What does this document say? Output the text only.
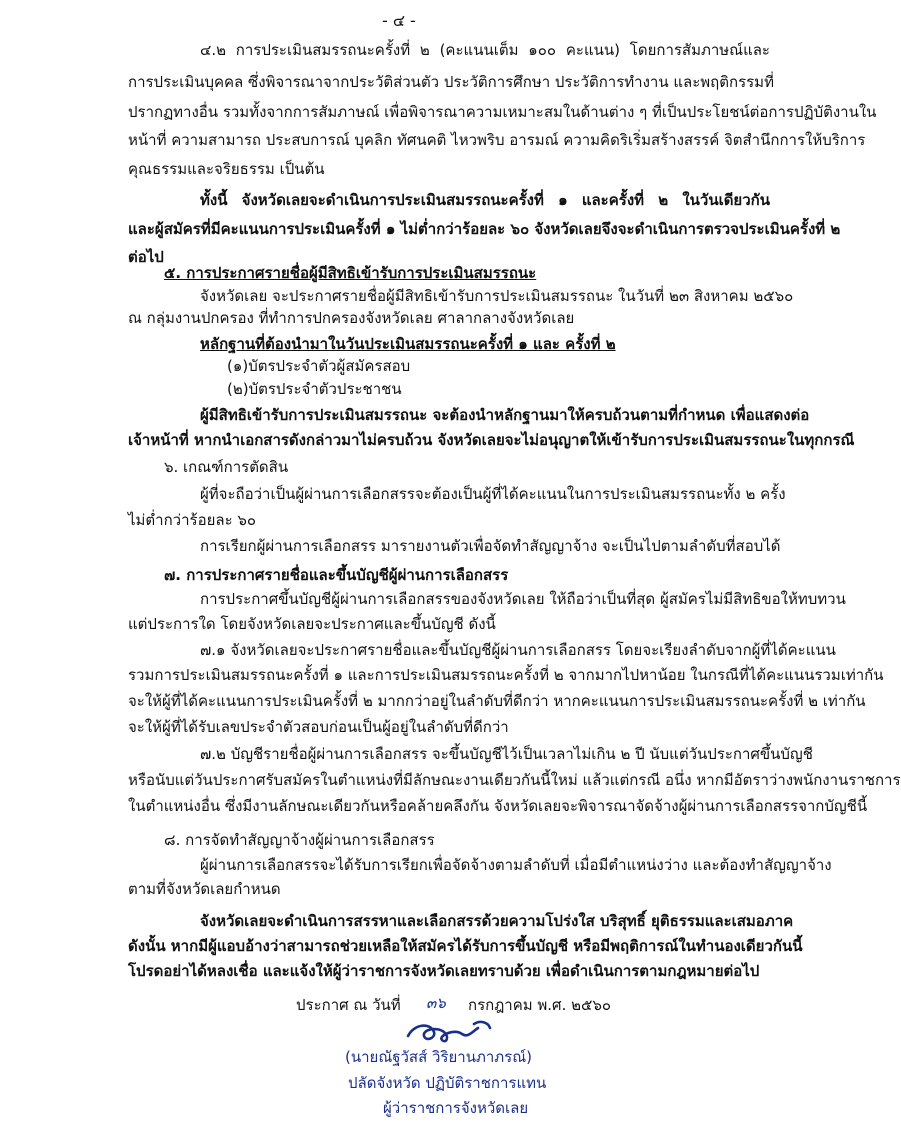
- ๔ -
๔.๒ การประเมินสมรรถนะครั้งที่ ๒ (คะแนนเต็ม ๑๐๐ คะแนน) โดยการสัมภาษณ์และ
การประเมินบุคคล ซึ่งพิจารณาจากประวัติส่วนตัว ประวัติการศึกษา ประวัติการทำงาน และพฤติกรรมที่
ปรากฏทางอื่น รวมทั้งจากการสัมภาษณ์ เพื่อพิจารณาความเหมาะสมในด้านต่าง ๆ ที่เป็นประโยชน์ต่อการปฏิบัติงานใน
หน้าที่ ความสามารถ ประสบการณ์ บุคลิก ทัศนคติ ไหวพริบ อารมณ์ ความคิดริเริ่มสร้างสรรค์ จิตสำนึกการให้บริการ
คุณธรรมและจริยธรรม เป็นต้น
ทั้งนี้ จังหวัดเลยจะดำเนินการประเมินสมรรถนะครั้งที่ ๑ และครั้งที่ ๒ ในวันเดียวกัน
และผู้สมัครที่มีคะแนนการประเมินครั้งที่ ๑ ไม่ต่ำกว่าร้อยละ ๖๐ จังหวัดเลยจึงจะดำเนินการตรวจประเมินครั้งที่ ๒
ต่อไป
๕. การประกาศรายชื่อผู้มีสิทธิเข้ารับการประเมินสมรรถนะ
จังหวัดเลย จะประกาศรายชื่อผู้มีสิทธิเข้ารับการประเมินสมรรถนะ ในวันที่ ๒๓ สิงหาคม ๒๕๖๐
ณ กลุ่มงานปกครอง ที่ทำการปกครองจังหวัดเลย ศาลากลางจังหวัดเลย
หลักฐานที่ต้องนำมาในวันประเมินสมรรถนะครั้งที่ ๑ และ ครั้งที่ ๒
(๑)บัตรประจำตัวผู้สมัครสอบ
(๒)บัตรประจำตัวประชาชน
ผู้มีสิทธิเข้ารับการประเมินสมรรถนะ จะต้องนำหลักฐานมาให้ครบถ้วนตามที่กำหนด เพื่อแสดงต่อ
เจ้าหน้าที่ หากนำเอกสารดังกล่าวมาไม่ครบถ้วน จังหวัดเลยจะไม่อนุญาตให้เข้ารับการประเมินสมรรถนะในทุกกรณี
๖. เกณฑ์การตัดสิน
ผู้ที่จะถือว่าเป็นผู้ผ่านการเลือกสรรจะต้องเป็นผู้ที่ได้คะแนนในการประเมินสมรรถนะทั้ง ๒ ครั้ง
ไม่ต่ำกว่าร้อยละ ๖๐
การเรียกผู้ผ่านการเลือกสรร มารายงานตัวเพื่อจัดทำสัญญาจ้าง จะเป็นไปตามลำดับที่สอบได้
๗. การประกาศรายชื่อและขึ้นบัญชีผู้ผ่านการเลือกสรร
การประกาศขึ้นบัญชีผู้ผ่านการเลือกสรรของจังหวัดเลย ให้ถือว่าเป็นที่สุด ผู้สมัครไม่มีสิทธิขอให้ทบทวน
แต่ประการใด โดยจังหวัดเลยจะประกาศและขึ้นบัญชี ดังนี้
๗.๑ จังหวัดเลยจะประกาศรายชื่อและขึ้นบัญชีผู้ผ่านการเลือกสรร โดยจะเรียงลำดับจากผู้ที่ได้คะแนน
รวมการประเมินสมรรถนะครั้งที่ ๑ และการประเมินสมรรถนะครั้งที่ ๒ จากมากไปหาน้อย ในกรณีที่ได้คะแนนรวมเท่ากัน
จะให้ผู้ที่ได้คะแนนการประเมินครั้งที่ ๒ มากกว่าอยู่ในลำดับที่ดีกว่า หากคะแนนการประเมินสมรรถนะครั้งที่ ๒ เท่ากัน
จะให้ผู้ที่ได้รับเลขประจำตัวสอบก่อนเป็นผู้อยู่ในลำดับที่ดีกว่า
๗.๒ บัญชีรายชื่อผู้ผ่านการเลือกสรร จะขึ้นบัญชีไว้เป็นเวลาไม่เกิน ๒ ปี นับแต่วันประกาศขึ้นบัญชี
หรือนับแต่วันประกาศรับสมัครในตำแหน่งที่มีลักษณะงานเดียวกันนี้ใหม่ แล้วแต่กรณี อนึ่ง หากมีอัตราว่างพนักงานราชการ
ในตำแหน่งอื่น ซึ่งมีงานลักษณะเดียวกันหรือคล้ายคลึงกัน จังหวัดเลยจะพิจารณาจัดจ้างผู้ผ่านการเลือกสรรจากบัญชีนี้
๘. การจัดทำสัญญาจ้างผู้ผ่านการเลือกสรร
ผู้ผ่านการเลือกสรรจะได้รับการเรียกเพื่อจัดจ้างตามลำดับที่ เมื่อมีตำแหน่งว่าง และต้องทำสัญญาจ้าง
ตามที่จังหวัดเลยกำหนด
จังหวัดเลยจะดำเนินการสรรหาและเลือกสรรด้วยความโปร่งใส บริสุทธิ์ ยุติธรรมและเสมอภาค
ดังนั้น หากมีผู้แอบอ้างว่าสามารถช่วยเหลือให้สมัครได้รับการขึ้นบัญชี หรือมีพฤติการณ์ในทำนองเดียวกันนี้
โปรดอย่าได้หลงเชื่อ และแจ้งให้ผู้ว่าราชการจังหวัดเลยทราบด้วย เพื่อดำเนินการตามกฎหมายต่อไป
ประกาศ ณ วันที่ ๓๖ กรกฎาคม พ.ศ. ๒๕๖๐
(นายณัฐวัสส์ วิริยานภาภรณ์)
ปลัดจังหวัด ปฏิบัติราชการแทน
ผู้ว่าราชการจังหวัดเลย
